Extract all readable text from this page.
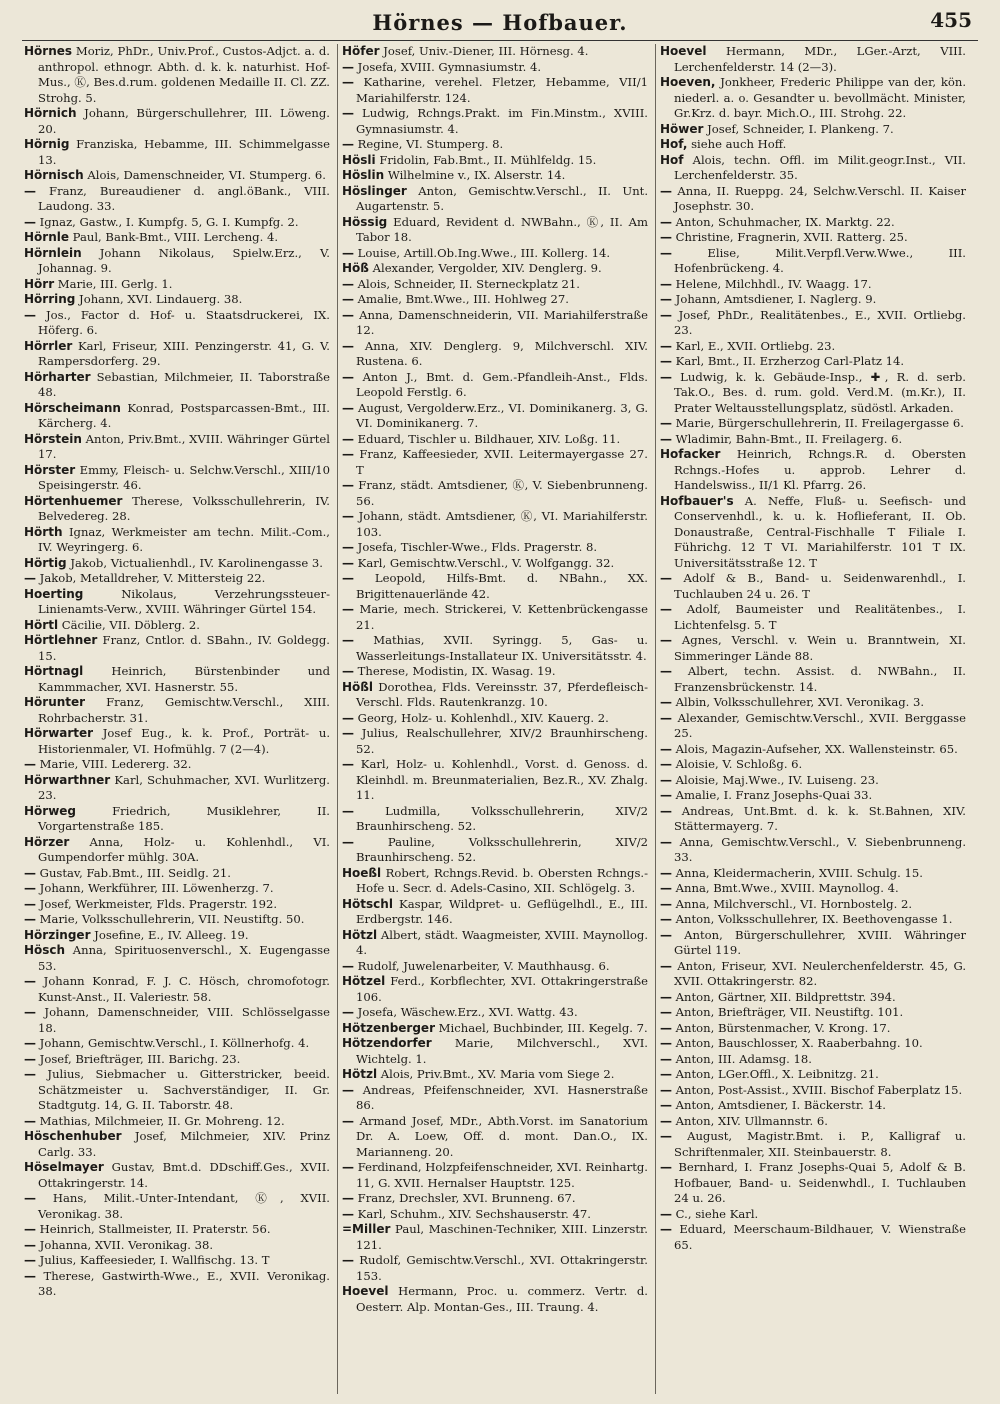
Hörnes — Hofbauer.	455
Hörnes Moriz, PhDr., Univ.Prof., Custos-Adjct. a. d. anthropol. ethnogr. Abth. d. k. k. naturhist. Hof-Mus., Ⓚ, Bes.d.rum. goldenen Medaille II. Cl. ZZ. Strohg. 5.
Hörnich Johann, Bürgerschullehrer, III. Löweng. 20.
Hörnig Franziska, Hebamme, III. Schimmelgasse 13.
Hörnisch Alois, Damenschneider, VI. Stumperg. 6.
— Franz, Bureaudiener d. angl.öBank., VIII. Laudong. 33.
— Ignaz, Gastw., I. Kumpfg. 5, G. I. Kumpfg. 2.
Hörnle Paul, Bank-Bmt., VIII. Lercheng. 4.
Hörnlein Johann Nikolaus, Spielw.Erz., V. Johannag. 9.
Hörr Marie, III. Gerlg. 1.
Hörring Johann, XVI. Lindauerg. 38.
— Jos., Factor d. Hof- u. Staatsdruckerei, IX. Höferg. 6.
Hörrler Karl, Friseur, XIII. Penzingerstr. 41, G. V. Rampersdorferg. 29.
Hörharter Sebastian, Milchmeier, II. Taborstraße 48.
Hörscheimann Konrad, Postsparcassen-Bmt., III. Kärcherg. 4.
Hörstein Anton, Priv.Bmt., XVIII. Währinger Gürtel 17.
Hörster Emmy, Fleisch- u. Selchw.Verschl., XIII/10 Speisingerstr. 46.
Hörtenhuemer Therese, Volksschullehrerin, IV. Belvedereg. 28.
Hörth Ignaz, Werkmeister am techn. Milit.-Com., IV. Weyringerg. 6.
Hörtig Jakob, Victualienhdl., IV. Karolinengasse 3.
— Jakob, Metalldreher, V. Mittersteig 22.
Hoerting Nikolaus, Verzehrungssteuer-Linienamts-Verw., XVIII. Währinger Gürtel 154.
Hörtl Cäcilie, VII. Döblerg. 2.
Hörtlehner Franz, Cntlor. d. SBahn., IV. Goldegg. 15.
Hörtnagl Heinrich, Bürstenbinder und Kammmacher, XVI. Hasnerstr. 55.
Hörunter Franz, Gemischtw.Verschl., XIII. Rohrbacherstr. 31.
Hörwarter Josef Eug., k. k. Prof., Porträt- u. Historienmaler, VI. Hofmühlg. 7 (2—4).
— Marie, VIII. Ledererg. 32.
Hörwarthner Karl, Schuhmacher, XVI. Wurlitzerg. 23.
Hörweg Friedrich, Musiklehrer, II. Vorgartenstraße 185.
Hörzer Anna, Holz- u. Kohlenhdl., VI. Gumpendorfer mühlg. 30A.
— Gustav, Fab.Bmt., III. Seidlg. 21.
— Johann, Werkführer, III. Löwenherzg. 7.
— Josef, Werkmeister, Flds. Pragerstr. 192.
— Marie, Volksschullehrerin, VII. Neustiftg. 50.
Hörzinger Josefine, E., IV. Alleeg. 19.
Hösch Anna, Spirituosenverschl., X. Eugengasse 53.
— Johann Konrad, F. J. C. Hösch, chromofotogr. Kunst-Anst., II. Valeriestr. 58.
— Johann, Damenschneider, VIII. Schlösselgasse 18.
— Johann, Gemischtw.Verschl., I. Köllnerhofg. 4.
— Josef, Briefträger, III. Barichg. 23.
— Julius, Siebmacher u. Gitterstricker, beeid. Schätzmeister u. Sachverständiger, II. Gr. Stadtgutg. 14, G. II. Taborstr. 48.
— Mathias, Milchmeier, II. Gr. Mohreng. 12.
Höschenhuber Josef, Milchmeier, XIV. Prinz Carlg. 33.
Höselmayer Gustav, Bmt.d. DDschiff.Ges., XVII. Ottakringerstr. 14.
— Hans, Milit.-Unter-Intendant, Ⓚ, XVII. Veronikag. 38.
— Heinrich, Stallmeister, II. Praterstr. 56.
— Johanna, XVII. Veronikag. 38.
— Julius, Kaffeesieder, I. Wallfischg. 13. T
— Therese, Gastwirth-Wwe., E., XVII. Veronikag. 38.
Höfer Josef, Univ.-Diener, III. Hörnesg. 4.
— Josefa, XVIII. Gymnasiumstr. 4.
— Katharine, verehel. Fletzer, Hebamme, VII/1 Mariahilferstr. 124.
— Ludwig, Rchngs.Prakt. im Fin.Minstm., XVIII. Gymnasiumstr. 4.
— Regine, VI. Stumperg. 8.
Hösli Fridolin, Fab.Bmt., II. Mühlfeldg. 15.
Höslin Wilhelmine v., IX. Alserstr. 14.
Höslinger Anton, Gemischtw.Verschl., II. Unt. Augartenstr. 5.
Hössig Eduard, Revident d. NWBahn., Ⓚ, II. Am Tabor 18.
— Louise, Artill.Ob.Ing.Wwe., III. Kollerg. 14.
Höß Alexander, Vergolder, XIV. Denglerg. 9.
— Alois, Schneider, II. Sterneckplatz 21.
— Amalie, Bmt.Wwe., III. Hohlweg 27.
— Anna, Damenschneiderin, VII. Mariahilferstraße 12.
— Anna, XIV. Denglerg. 9, Milchverschl. XIV. Rustena. 6.
— Anton J., Bmt. d. Gem.-Pfandleih-Anst., Flds. Leopold Ferstlg. 6.
— August, Vergolderw.Erz., VI. Dominikanerg. 3, G. VI. Dominikanerg. 7.
— Eduard, Tischler u. Bildhauer, XIV. Loßg. 11.
— Franz, Kaffeesieder, XVII. Leitermayergasse 27. T
— Franz, städt. Amtsdiener, Ⓚ, V. Siebenbrunneng. 56.
— Johann, städt. Amtsdiener, Ⓚ, VI. Mariahilferstr. 103.
— Josefa, Tischler-Wwe., Flds. Pragerstr. 8.
— Karl, Gemischtw.Verschl., V. Wolfgangg. 32.
— Leopold, Hilfs-Bmt. d. NBahn., XX. Brigittenauerlände 42.
— Marie, mech. Strickerei, V. Kettenbrückengasse 21.
— Mathias, XVII. Syringg. 5, Gas- u. Wasserleitungs-Installateur IX. Universitätsstr. 4.
— Therese, Modistin, IX. Wasag. 19.
Hößl Dorothea, Flds. Vereinsstr. 37, Pferdefleisch-Verschl. Flds. Rautenkranzg. 10.
— Georg, Holz- u. Kohlenhdl., XIV. Kauerg. 2.
— Julius, Realschullehrer, XIV/2 Braunhirscheng. 52.
— Karl, Holz- u. Kohlenhdl., Vorst. d. Genoss. d. Kleinhdl. m. Breunmaterialien, Bez.R., XV. Zhalg. 11.
— Ludmilla, Volksschullehrerin, XIV/2 Braunhirscheng. 52.
— Pauline, Volksschullehrerin, XIV/2 Braunhirscheng. 52.
Hoeßl Robert, Rchngs.Revid. b. Obersten Rchngs.-Hofe u. Secr. d. Adels-Casino, XII. Schlögelg. 3.
Hötschl Kaspar, Wildpret- u. Geflügelhdl., E., III. Erdbergstr. 146.
Hötzl Albert, städt. Waagmeister, XVIII. Maynollog. 4.
— Rudolf, Juwelenarbeiter, V. Mauthhausg. 6.
Hötzel Ferd., Korbflechter, XVI. Ottakringerstraße 106.
— Josefa, Wäschew.Erz., XVI. Wattg. 43.
Hötzenberger Michael, Buchbinder, III. Kegelg. 7.
Hötzendorfer Marie, Milchverschl., XVI. Wichtelg. 1.
Hötzl Alois, Priv.Bmt., XV. Maria vom Siege 2.
— Andreas, Pfeifenschneider, XVI. Hasnerstraße 86.
— Armand Josef, MDr., Abth.Vorst. im Sanatorium Dr. A. Loew, Off. d. mont. Dan.O., IX. Marianneng. 20.
— Ferdinand, Holzpfeifenschneider, XVI. Reinhartg. 11, G. XVII. Hernalser Hauptstr. 125.
— Franz, Drechsler, XVI. Brunneng. 67.
— Karl, Schuhm., XIV. Sechshauserstr. 47.
=Miller Paul, Maschinen-Techniker, XIII. Linzerstr. 121.
— Rudolf, Gemischtw.Verschl., XVI. Ottakringerstr. 153.
Hoevel Hermann, Proc. u. commerz. Vertr. d. Oesterr. Alp. Montan-Ges., III. Traung. 4.
Hoevel Hermann, MDr., LGer.-Arzt, VIII. Lerchenfelderstr. 14 (2—3).
Hoeven, Jonkheer, Frederic Philippe van der, kön. niederl. a. o. Gesandter u. bevollmächt. Minister, Gr.Krz. d. bayr. Mich.O., III. Strohg. 22.
Höwer Josef, Schneider, I. Plankeng. 7.
Hof, siehe auch Hoff.
Hof Alois, techn. Offl. im Milit.geogr.Inst., VII. Lerchenfelderstr. 35.
— Anna, II. Rueppg. 24, Selchw.Verschl. II. Kaiser Josephstr. 30.
— Anton, Schuhmacher, IX. Marktg. 22.
— Christine, Fragnerin, XVII. Ratterg. 25.
— Elise, Milit.Verpfl.Verw.Wwe., III. Hofenbrückeng. 4.
— Helene, Milchhdl., IV. Waagg. 17.
— Johann, Amtsdiener, I. Naglerg. 9.
— Josef, PhDr., Realitätenbes., E., XVII. Ortliebg. 23.
— Karl, E., XVII. Ortliebg. 23.
— Karl, Bmt., II. Erzherzog Carl-Platz 14.
— Ludwig, k. k. Gebäude-Insp., ✚, R. d. serb. Tak.O., Bes. d. rum. gold. Verd.M. (m.Kr.), II. Prater Weltausstellungsplatz, südöstl. Arkaden.
— Marie, Bürgerschullehrerin, II. Freilagergasse 6.
— Wladimir, Bahn-Bmt., II. Freilagerg. 6.
Hofacker Heinrich, Rchngs.R. d. Obersten Rchngs.-Hofes u. approb. Lehrer d. Handelswiss., II/1 Kl. Pfarrg. 26.
Hofbauer's A. Neffe, Fluß- u. Seefisch- und Conservenhdl., k. u. k. Hoflieferant, II. Ob. Donaustraße, Central-Fischhalle T Filiale I. Führichg. 12 T VI. Mariahilferstr. 101 T IX. Universitätsstraße 12. T
— Adolf & B., Band- u. Seidenwarenhdl., I. Tuchlauben 24 u. 26. T
— Adolf, Baumeister und Realitätenbes., I. Lichtenfelsg. 5. T
— Agnes, Verschl. v. Wein u. Branntwein, XI. Simmeringer Lände 88.
— Albert, techn. Assist. d. NWBahn., II. Franzensbrückenstr. 14.
— Albin, Volksschullehrer, XVI. Veronikag. 3.
— Alexander, Gemischtw.Verschl., XVII. Berggasse 25.
— Alois, Magazin-Aufseher, XX. Wallensteinstr. 65.
— Aloisie, V. Schloßg. 6.
— Aloisie, Maj.Wwe., IV. Luiseng. 23.
— Amalie, I. Franz Josephs-Quai 33.
— Andreas, Unt.Bmt. d. k. k. St.Bahnen, XIV. Stättermayerg. 7.
— Anna, Gemischtw.Verschl., V. Siebenbrunneng. 33.
— Anna, Kleidermacherin, XVIII. Schulg. 15.
— Anna, Bmt.Wwe., XVIII. Maynollog. 4.
— Anna, Milchverschl., VI. Hornbostelg. 2.
— Anton, Volksschullehrer, IX. Beethovengasse 1.
— Anton, Bürgerschullehrer, XVIII. Währinger Gürtel 119.
— Anton, Friseur, XVI. Neulerchenfelderstr. 45, G. XVII. Ottakringerstr. 82.
— Anton, Gärtner, XII. Bildprettstr. 394.
— Anton, Briefträger, VII. Neustiftg. 101.
— Anton, Bürstenmacher, V. Krong. 17.
— Anton, Bauschlosser, X. Raaberbahng. 10.
— Anton, III. Adamsg. 18.
— Anton, LGer.Offl., X. Leibnitzg. 21.
— Anton, Post-Assist., XVIII. Bischof Faberplatz 15.
— Anton, Amtsdiener, I. Bäckerstr. 14.
— Anton, XIV. Ullmannstr. 6.
— August, Magistr.Bmt. i. P., Kalligraf u. Schriftenmaler, XII. Steinbauerstr. 8.
— Bernhard, I. Franz Josephs-Quai 5, Adolf & B. Hofbauer, Band- u. Seidenwhdl., I. Tuchlauben 24 u. 26.
— C., siehe Karl.
— Eduard, Meerschaum-Bildhauer, V. Wienstraße 65.
